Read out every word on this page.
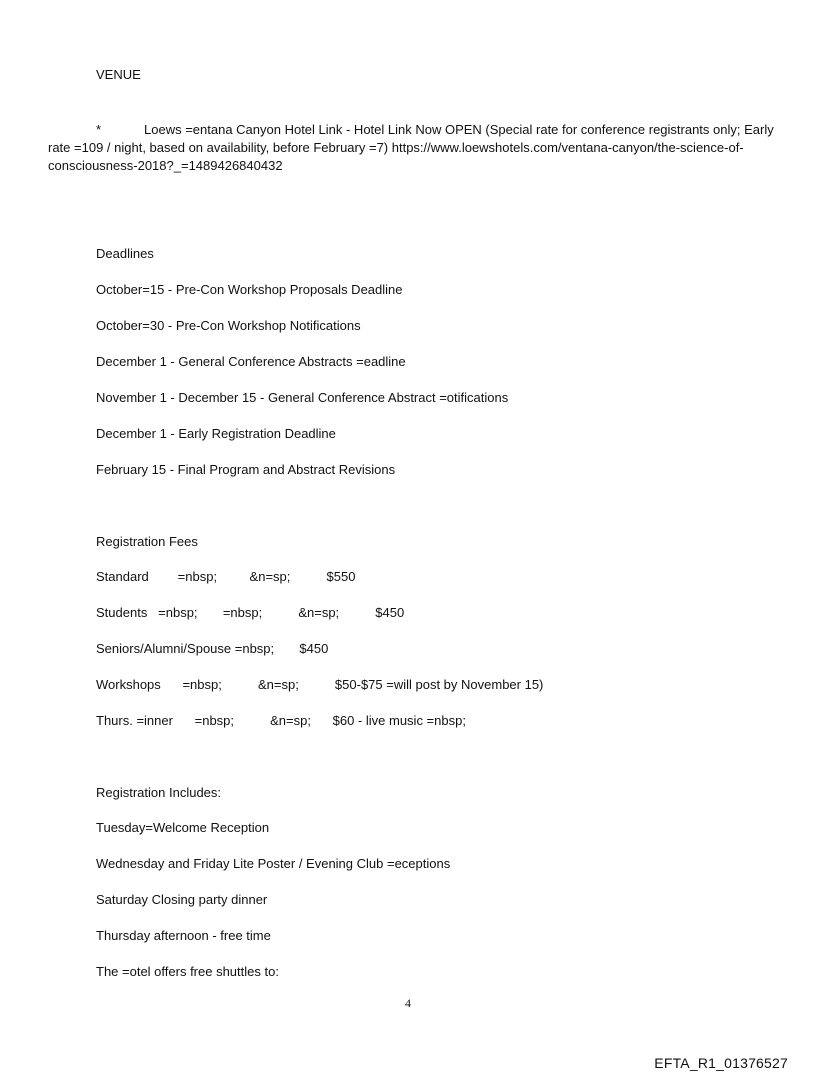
VENUE
*	Loews =entana Canyon Hotel Link - Hotel Link Now OPEN (Special rate for conference registrants only; Early rate =109 / night, based on availability, before February =7) https://www.loewshotels.com/ventana-canyon/the-science-of-consciousness-2018?_=1489426840432
Deadlines
October=15 - Pre-Con Workshop Proposals Deadline
October=30 - Pre-Con Workshop Notifications
December 1 - General Conference Abstracts =eadline
November 1 - December 15 - General Conference Abstract =otifications
December 1 - Early Registration Deadline
February 15 - Final Program and Abstract Revisions
Registration Fees
Standard        =nbsp;         &n=sp;          $550
Students   =nbsp;       =nbsp;          &n=sp;          $450
Seniors/Alumni/Spouse =nbsp;       $450
Workshops      =nbsp;          &n=sp;          $50-$75 =will post by November 15)
Thurs. =inner      =nbsp;          &n=sp;      $60 - live music =nbsp;
Registration Includes:
Tuesday=Welcome Reception
Wednesday and Friday Lite Poster / Evening Club =eceptions
Saturday Closing party dinner
Thursday afternoon - free time
The =otel offers free shuttles to:
4
EFTA_R1_01376527
